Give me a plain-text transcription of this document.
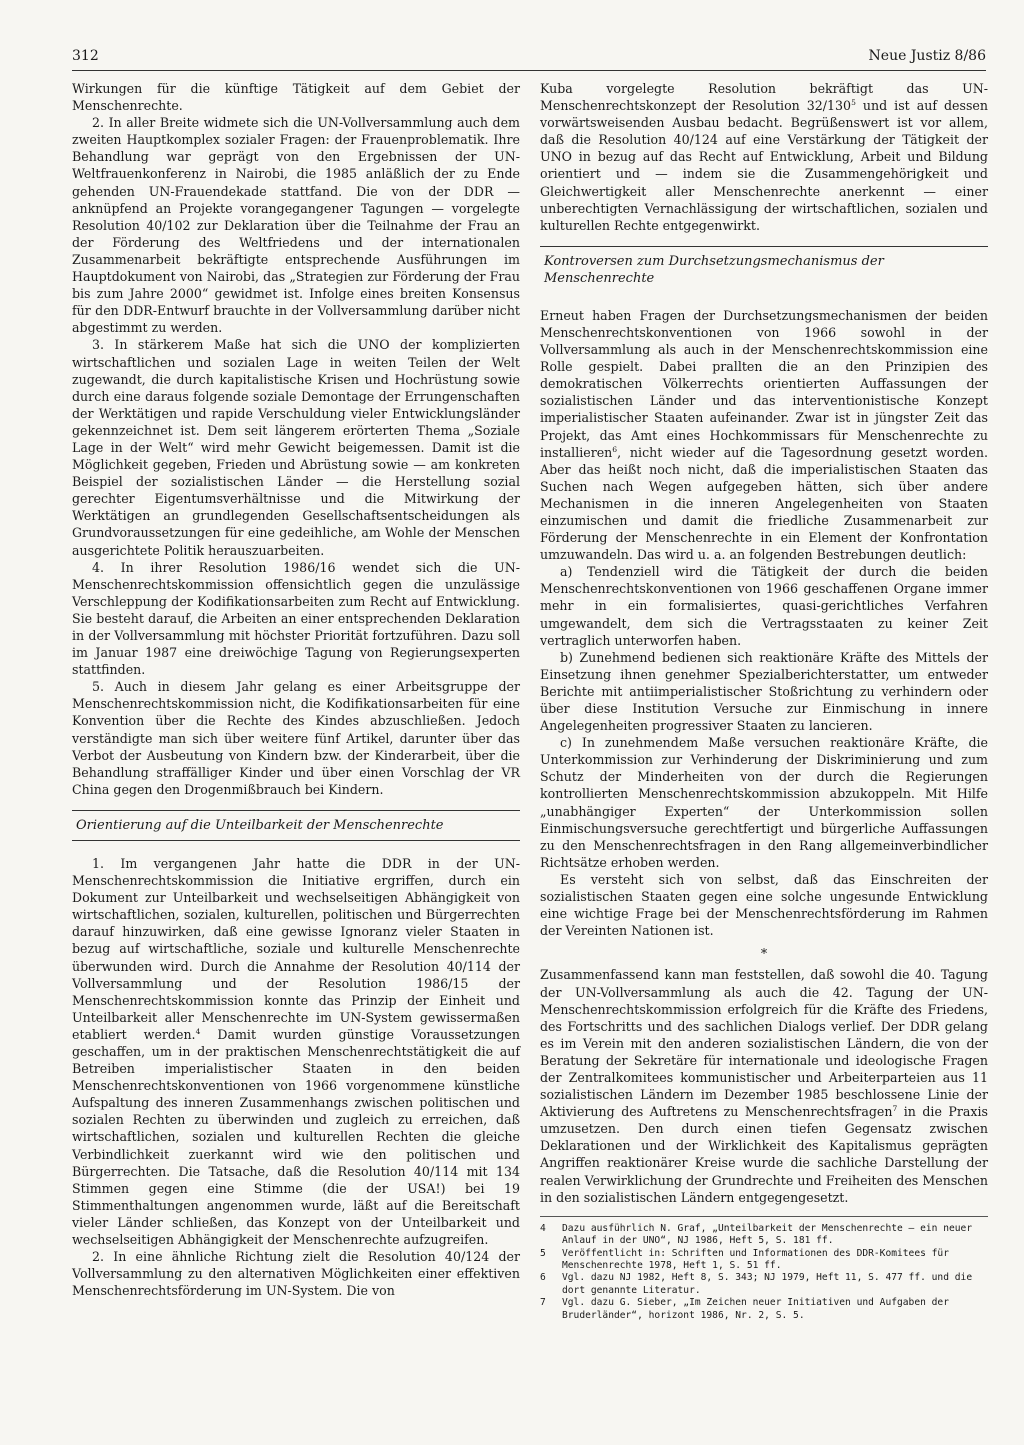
312	Neue Justiz 8/86

Wirkungen für die künftige Tätigkeit auf dem Gebiet der Menschenrechte.

2. In aller Breite widmete sich die UN-Vollversammlung auch dem zweiten Hauptkomplex sozialer Fragen: der Frauenproblematik. Ihre Behandlung war geprägt von den Ergebnissen der UN-Weltfrauenkonferenz in Nairobi, die 1985 anläßlich der zu Ende gehenden UN-Frauendekade stattfand. Die von der DDR — anknüpfend an Projekte vorangegangener Tagungen — vorgelegte Resolution 40/102 zur Deklaration über die Teilnahme der Frau an der Förderung des Weltfriedens und der internationalen Zusammenarbeit bekräftigte entsprechende Ausführungen im Hauptdokument von Nairobi, das „Strategien zur Förderung der Frau bis zum Jahre 2000“ gewidmet ist. Infolge eines breiten Konsensus für den DDR-Entwurf brauchte in der Vollversammlung darüber nicht abgestimmt zu werden.

3. In stärkerem Maße hat sich die UNO der komplizierten wirtschaftlichen und sozialen Lage in weiten Teilen der Welt zugewandt, die durch kapitalistische Krisen und Hochrüstung sowie durch eine daraus folgende soziale Demontage der Errungenschaften der Werktätigen und rapide Verschuldung vieler Entwicklungsländer gekennzeichnet ist. Dem seit längerem erörterten Thema „Soziale Lage in der Welt“ wird mehr Gewicht beigemessen. Damit ist die Möglichkeit gegeben, Frieden und Abrüstung sowie — am konkreten Beispiel der sozialistischen Länder — die Herstellung sozial gerechter Eigentumsverhältnisse und die Mitwirkung der Werktätigen an grundlegenden Gesellschaftsentscheidungen als Grundvoraussetzungen für eine gedeihliche, am Wohle der Menschen ausgerichtete Politik herauszuarbeiten.

4. In ihrer Resolution 1986/16 wendet sich die UN-Menschenrechtskommission offensichtlich gegen die unzulässige Verschleppung der Kodifikationsarbeiten zum Recht auf Entwicklung. Sie besteht darauf, die Arbeiten an einer entsprechenden Deklaration in der Vollversammlung mit höchster Priorität fortzuführen. Dazu soll im Januar 1987 eine dreiwöchige Tagung von Regierungsexperten stattfinden.

5. Auch in diesem Jahr gelang es einer Arbeitsgruppe der Menschenrechtskommission nicht, die Kodifikationsarbeiten für eine Konvention über die Rechte des Kindes abzuschließen. Jedoch verständigte man sich über weitere fünf Artikel, darunter über das Verbot der Ausbeutung von Kindern bzw. der Kinderarbeit, über die Behandlung straffälliger Kinder und über einen Vorschlag der VR China gegen den Drogenmißbrauch bei Kindern.

Orientierung auf die Unteilbarkeit der Menschenrechte

1. Im vergangenen Jahr hatte die DDR in der UN-Menschenrechtskommission die Initiative ergriffen, durch ein Dokument zur Unteilbarkeit und wechselseitigen Abhängigkeit von wirtschaftlichen, sozialen, kulturellen, politischen und Bürgerrechten darauf hinzuwirken, daß eine gewisse Ignoranz vieler Staaten in bezug auf wirtschaftliche, soziale und kulturelle Menschenrechte überwunden wird. Durch die Annahme der Resolution 40/114 der Vollversammlung und der Resolution 1986/15 der Menschenrechtskommission konnte das Prinzip der Einheit und Unteilbarkeit aller Menschenrechte im UN-System gewissermaßen etabliert werden.$^4$ Damit wurden günstige Voraussetzungen geschaffen, um in der praktischen Menschenrechtstätigkeit die auf Betreiben imperialistischer Staaten in den beiden Menschenrechtskonventionen von 1966 vorgenommene künstliche Aufspaltung des inneren Zusammenhangs zwischen politischen und sozialen Rechten zu überwinden und zugleich zu erreichen, daß wirtschaftlichen, sozialen und kulturellen Rechten die gleiche Verbindlichkeit zuerkannt wird wie den politischen und Bürgerrechten. Die Tatsache, daß die Resolution 40/114 mit 134 Stimmen gegen eine Stimme (die der USA!) bei 19 Stimmenthaltungen angenommen wurde, läßt auf die Bereitschaft vieler Länder schließen, das Konzept von der Unteilbarkeit und wechselseitigen Abhängigkeit der Menschenrechte aufzugreifen.

2. In eine ähnliche Richtung zielt die Resolution 40/124 der Vollversammlung zu den alternativen Möglichkeiten einer effektiven Menschenrechtsförderung im UN-System. Die von

Kuba vorgelegte Resolution bekräftigt das UN-Menschenrechtskonzept der Resolution $32/130^5$ und ist auf dessen vorwärtsweisenden Ausbau bedacht. Begrüßenswert ist vor allem, daß die Resolution 40/124 auf eine Verstärkung der Tätigkeit der UNO in bezug auf das Recht auf Entwicklung, Arbeit und Bildung orientiert und — indem sie die Zusammengehörigkeit und Gleichwertigkeit aller Menschenrechte anerkennt — einer unberechtigten Vernachlässigung der wirtschaftlichen, sozialen und kulturellen Rechte entgegenwirkt.

Kontroversen zum Durchsetzungsmechanismus der Menschenrechte

Erneut haben Fragen der Durchsetzungsmechanismen der beiden Menschenrechtskonventionen von 1966 sowohl in der Vollversammlung als auch in der Menschenrechtskommission eine Rolle gespielt. Dabei prallten die an den Prinzipien des demokratischen Völkerrechts orientierten Auffassungen der sozialistischen Länder und das interventionistische Konzept imperialistischer Staaten aufeinander. Zwar ist in jüngster Zeit das Projekt, das Amt eines Hochkommissars für Menschenrechte zu installieren$^6$, nicht wieder auf die Tagesordnung gesetzt worden. Aber das heißt noch nicht, daß die imperialistischen Staaten das Suchen nach Wegen aufgegeben hätten, sich über andere Mechanismen in die inneren Angelegenheiten von Staaten einzumischen und damit die friedliche Zusammenarbeit zur Förderung der Menschenrechte in ein Element der Konfrontation umzuwandeln. Das wird u. a. an folgenden Bestrebungen deutlich:

a) Tendenziell wird die Tätigkeit der durch die beiden Menschenrechtskonventionen von 1966 geschaffenen Organe immer mehr in ein formalisiertes, quasi-gerichtliches Verfahren umgewandelt, dem sich die Vertragsstaaten zu keiner Zeit vertraglich unterworfen haben.

b) Zunehmend bedienen sich reaktionäre Kräfte des Mittels der Einsetzung ihnen genehmer Spezialberichterstatter, um entweder Berichte mit antiimperialistischer Stoßrichtung zu verhindern oder über diese Institution Versuche zur Einmischung in innere Angelegenheiten progressiver Staaten zu lancieren.

c) In zunehmendem Maße versuchen reaktionäre Kräfte, die Unterkommission zur Verhinderung der Diskriminierung und zum Schutz der Minderheiten von der durch die Regierungen kontrollierten Menschenrechtskommission abzukoppeln. Mit Hilfe „unabhängiger Experten“ der Unterkommission sollen Einmischungsversuche gerechtfertigt und bürgerliche Auffassungen zu den Menschenrechtsfragen in den Rang allgemeinverbindlicher Richtsätze erhoben werden.

Es versteht sich von selbst, daß das Einschreiten der sozialistischen Staaten gegen eine solche ungesunde Entwicklung eine wichtige Frage bei der Menschenrechtsförderung im Rahmen der Vereinten Nationen ist.

*

Zusammenfassend kann man feststellen, daß sowohl die 40. Tagung der UN-Vollversammlung als auch die 42. Tagung der UN-Menschenrechtskommission erfolgreich für die Kräfte des Friedens, des Fortschritts und des sachlichen Dialogs verlief. Der DDR gelang es im Verein mit den anderen sozialistischen Ländern, die von der Beratung der Sekretäre für internationale und ideologische Fragen der Zentralkomitees kommunistischer und Arbeiterparteien aus 11 sozialistischen Ländern im Dezember 1985 beschlossene Linie der Aktivierung des Auftretens zu Menschenrechtsfragen$^7$ in die Praxis umzusetzen. Den durch einen tiefen Gegensatz zwischen Deklarationen und der Wirklichkeit des Kapitalismus geprägten Angriffen reaktionärer Kreise wurde die sachliche Darstellung der realen Verwirklichung der Grundrechte und Freiheiten des Menschen in den sozialistischen Ländern entgegengesetzt.

4	Dazu ausführlich N. Graf, „Unteilbarkeit der Menschenrechte — ein neuer Anlauf in der UNO“, NJ 1986, Heft 5, S. 181 ff.
5	Veröffentlicht in: Schriften und Informationen des DDR-Komitees für Menschenrechte 1978, Heft 1, S. 51 ff.
6	Vgl. dazu NJ 1982, Heft 8, S. 343; NJ 1979, Heft 11, S. 477 ff. und die dort genannte Literatur.
7	Vgl. dazu G. Sieber, „Im Zeichen neuer Initiativen und Aufgaben der Bruderländer“, horizont 1986, Nr. 2, S. 5.
